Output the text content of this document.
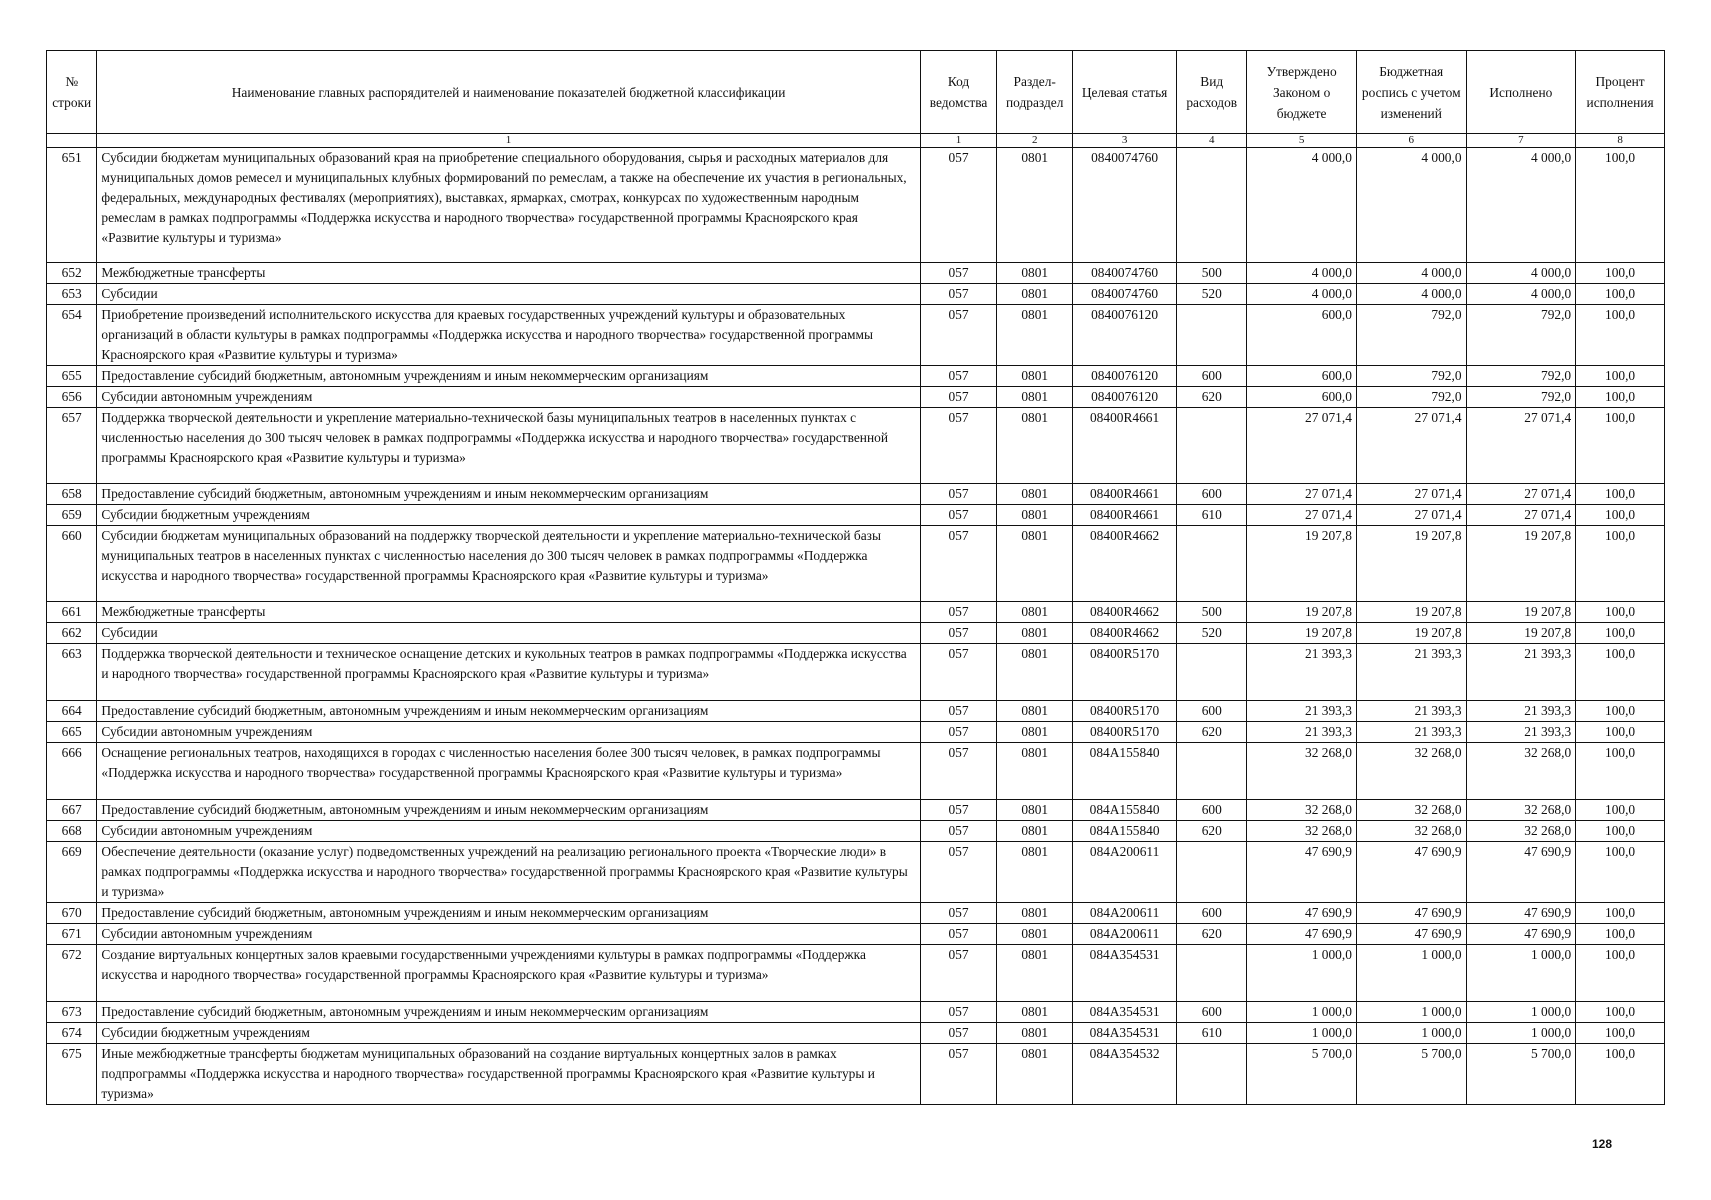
№ строки	Наименование главных распорядителей и наименование показателей бюджетной классификации	Код ведомства	Раздел-подраздел	Целевая статья	Вид расходов	Утверждено Законом о бюджете	Бюджетная роспись с учетом изменений	Исполнено	Процент исполнения
	1	1	2	3	4	5	6	7	8
651	Субсидии бюджетам муниципальных образований края на приобретение специального оборудования, сырья и расходных материалов для муниципальных домов ремесел и муниципальных клубных формирований по ремеслам, а также на обеспечение их участия в региональных, федеральных, международных фестивалях (мероприятиях), выставках, ярмарках, смотрах, конкурсах по художественным народным ремеслам в рамках подпрограммы «Поддержка искусства и народного творчества» государственной программы Красноярского края «Развитие культуры и туризма»	057	0801	0840074760		4 000,0	4 000,0	4 000,0	100,0
652	Межбюджетные трансферты	057	0801	0840074760	500	4 000,0	4 000,0	4 000,0	100,0
653	Субсидии	057	0801	0840074760	520	4 000,0	4 000,0	4 000,0	100,0
654	Приобретение произведений исполнительского искусства для краевых государственных учреждений культуры и образовательных организаций в области культуры в рамках подпрограммы «Поддержка искусства и народного творчества» государственной программы Красноярского края «Развитие культуры и туризма»	057	0801	0840076120		600,0	792,0	792,0	100,0
655	Предоставление субсидий бюджетным, автономным учреждениям и иным некоммерческим организациям	057	0801	0840076120	600	600,0	792,0	792,0	100,0
656	Субсидии автономным учреждениям	057	0801	0840076120	620	600,0	792,0	792,0	100,0
657	Поддержка творческой деятельности и укрепление материально-технической базы муниципальных театров в населенных пунктах с численностью населения до 300 тысяч человек в рамках подпрограммы «Поддержка искусства и народного творчества» государственной программы Красноярского края «Развитие культуры и туризма»	057	0801	08400R4661		27 071,4	27 071,4	27 071,4	100,0
658	Предоставление субсидий бюджетным, автономным учреждениям и иным некоммерческим организациям	057	0801	08400R4661	600	27 071,4	27 071,4	27 071,4	100,0
659	Субсидии бюджетным учреждениям	057	0801	08400R4661	610	27 071,4	27 071,4	27 071,4	100,0
660	Субсидии бюджетам муниципальных образований на поддержку творческой деятельности и укрепление материально-технической базы муниципальных театров в населенных пунктах с численностью населения до 300 тысяч человек в рамках подпрограммы «Поддержка искусства и народного творчества» государственной программы Красноярского края «Развитие культуры и туризма»	057	0801	08400R4662		19 207,8	19 207,8	19 207,8	100,0
661	Межбюджетные трансферты	057	0801	08400R4662	500	19 207,8	19 207,8	19 207,8	100,0
662	Субсидии	057	0801	08400R4662	520	19 207,8	19 207,8	19 207,8	100,0
663	Поддержка творческой деятельности и техническое оснащение детских и кукольных театров в рамках подпрограммы «Поддержка искусства и народного творчества» государственной программы Красноярского края «Развитие культуры и туризма»	057	0801	08400R5170		21 393,3	21 393,3	21 393,3	100,0
664	Предоставление субсидий бюджетным, автономным учреждениям и иным некоммерческим организациям	057	0801	08400R5170	600	21 393,3	21 393,3	21 393,3	100,0
665	Субсидии автономным учреждениям	057	0801	08400R5170	620	21 393,3	21 393,3	21 393,3	100,0
666	Оснащение региональных театров, находящихся в городах с численностью населения более 300 тысяч человек, в рамках подпрограммы «Поддержка искусства и народного творчества» государственной программы Красноярского края «Развитие культуры и туризма»	057	0801	084A155840		32 268,0	32 268,0	32 268,0	100,0
667	Предоставление субсидий бюджетным, автономным учреждениям и иным некоммерческим организациям	057	0801	084A155840	600	32 268,0	32 268,0	32 268,0	100,0
668	Субсидии автономным учреждениям	057	0801	084A155840	620	32 268,0	32 268,0	32 268,0	100,0
669	Обеспечение деятельности (оказание услуг) подведомственных учреждений на реализацию регионального проекта «Творческие люди» в рамках подпрограммы «Поддержка искусства и народного творчества» государственной программы Красноярского края «Развитие культуры и туризма»	057	0801	084A200611		47 690,9	47 690,9	47 690,9	100,0
670	Предоставление субсидий бюджетным, автономным учреждениям и иным некоммерческим организациям	057	0801	084A200611	600	47 690,9	47 690,9	47 690,9	100,0
671	Субсидии автономным учреждениям	057	0801	084A200611	620	47 690,9	47 690,9	47 690,9	100,0
672	Создание виртуальных концертных залов краевыми государственными учреждениями культуры в рамках подпрограммы «Поддержка искусства и народного творчества» государственной программы Красноярского края «Развитие культуры и туризма»	057	0801	084A354531		1 000,0	1 000,0	1 000,0	100,0
673	Предоставление субсидий бюджетным, автономным учреждениям и иным некоммерческим организациям	057	0801	084A354531	600	1 000,0	1 000,0	1 000,0	100,0
674	Субсидии бюджетным учреждениям	057	0801	084A354531	610	1 000,0	1 000,0	1 000,0	100,0
675	Иные межбюджетные трансферты бюджетам муниципальных образований на создание виртуальных концертных залов в рамках подпрограммы «Поддержка искусства и народного творчества» государственной программы Красноярского края «Развитие культуры и туризма»	057	0801	084A354532		5 700,0	5 700,0	5 700,0	100,0
128
